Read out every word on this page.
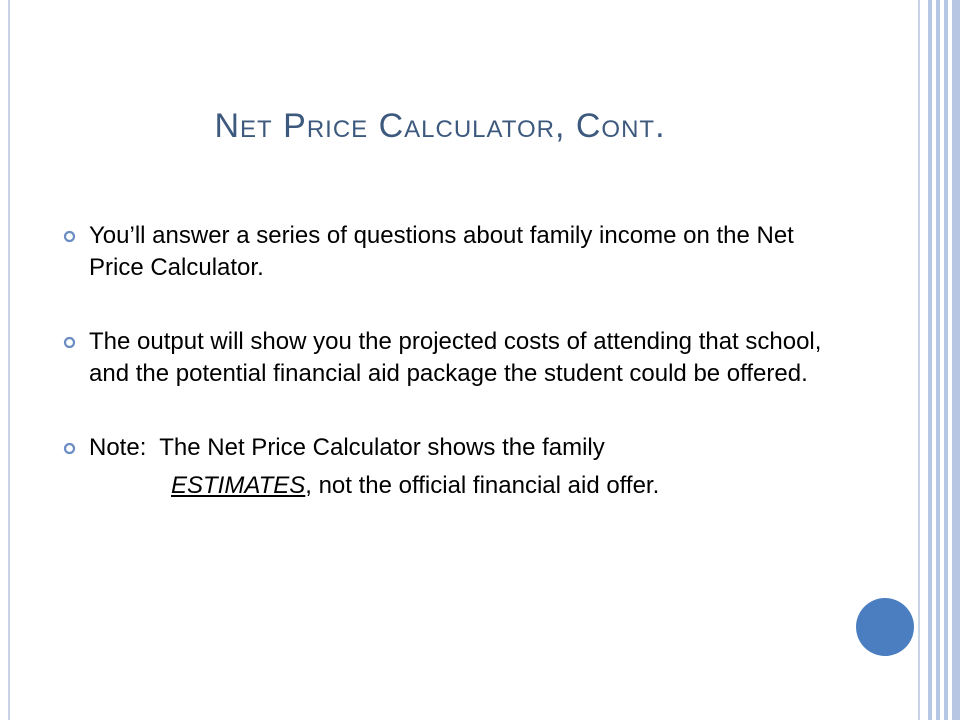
Net Price Calculator, Cont.
You’ll answer a series of questions about family income on the Net Price Calculator.
The output will show you the projected costs of attending that school, and the potential financial aid package the student could be offered.
Note:  The Net Price Calculator shows the family
ESTIMATES, not the official financial aid offer.
